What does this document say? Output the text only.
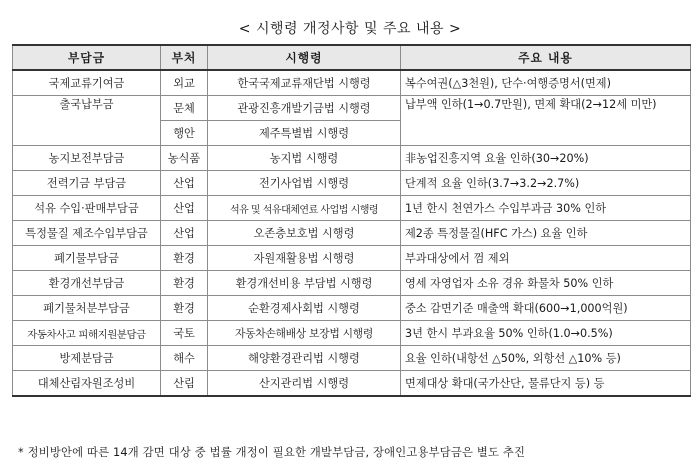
< 시행령 개정사항 및 주요 내용 >
부담금	부처	시행령	주요 내용
국제교류기여금	외교	한국국제교류재단법 시행령	복수여권(△3천원), 단수·여행증명서(면제)
출국납부금	문체	관광진흥개발기금법 시행령	납부액 인하(1→0.7만원), 면제 확대(2→12세 미만)
	행안	제주특별법 시행령	
농지보전부담금	농식품	농지법 시행령	非농업진흥지역 요율 인하(30→20%)
전력기금 부담금	산업	전기사업법 시행령	단계적 요율 인하(3.7→3.2→2.7%)
석유 수입·판매부담금	산업	석유 및 석유대체연료 사업법 시행령	1년 한시 천연가스 수입부과금 30% 인하
특정물질 제조수입부담금	산업	오존층보호법 시행령	제2종 특정물질(HFC 가스) 요율 인하
폐기물부담금	환경	자원재활용법 시행령	부과대상에서 껌 제외
환경개선부담금	환경	환경개선비용 부담법 시행령	영세 자영업자 소유 경유 화물차 50% 인하
폐기물처분부담금	환경	순환경제사회법 시행령	중소 감면기준 매출액 확대(600→1,000억원)
자동차사고 피해지원분담금	국토	자동차손해배상 보장법 시행령	3년 한시 부과요율 50% 인하(1.0→0.5%)
방제분담금	해수	해양환경관리법 시행령	요율 인하(내항선 △50%, 외항선 △10% 등)
대체산림자원조성비	산림	산지관리법 시행령	면제대상 확대(국가산단, 물류단지 등) 등
* 정비방안에 따른 14개 감면 대상 중 법률 개정이 필요한 개발부담금, 장애인고용부담금은 별도 추진
